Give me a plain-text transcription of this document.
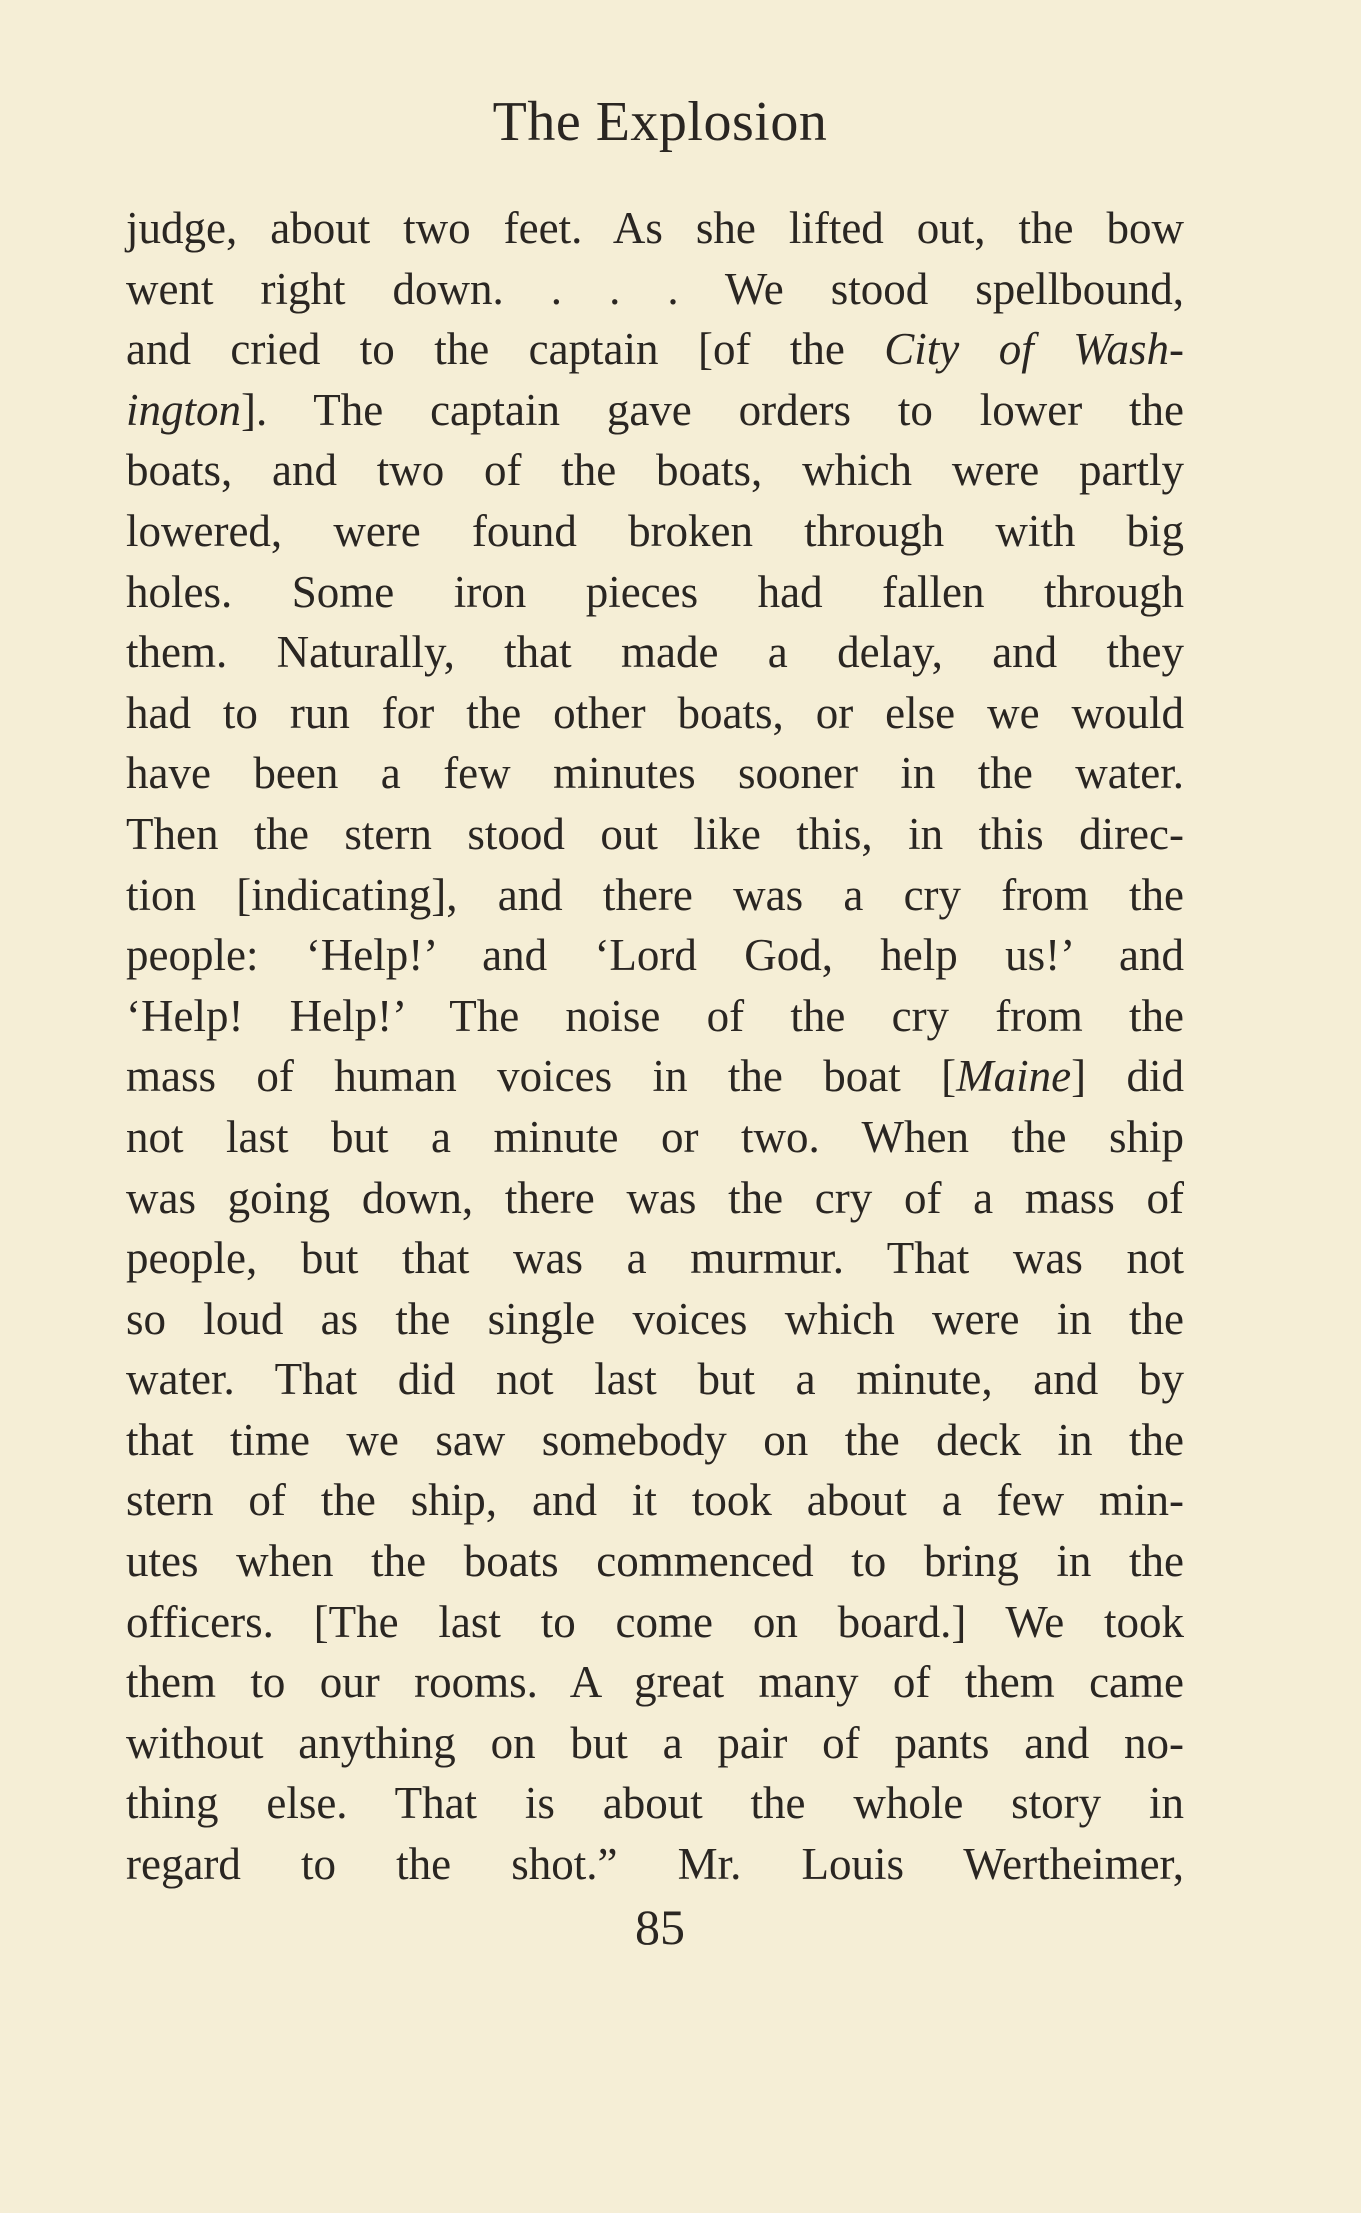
The Explosion
judge, about two feet. As she lifted out, the bow
went right down. . . . We stood spellbound,
and cried to the captain [of the City of Wash-
ington]. The captain gave orders to lower the
boats, and two of the boats, which were partly
lowered, were found broken through with big
holes. Some iron pieces had fallen through
them. Naturally, that made a delay, and they
had to run for the other boats, or else we would
have been a few minutes sooner in the water.
Then the stern stood out like this, in this direc-
tion [indicating], and there was a cry from the
people: ‘Help!’ and ‘Lord God, help us!’ and
‘Help! Help!’ The noise of the cry from the
mass of human voices in the boat [Maine] did
not last but a minute or two. When the ship
was going down, there was the cry of a mass of
people, but that was a murmur. That was not
so loud as the single voices which were in the
water. That did not last but a minute, and by
that time we saw somebody on the deck in the
stern of the ship, and it took about a few min-
utes when the boats commenced to bring in the
officers. [The last to come on board.] We took
them to our rooms. A great many of them came
without anything on but a pair of pants and no-
thing else. That is about the whole story in
regard to the shot.” Mr. Louis Wertheimer,
85
